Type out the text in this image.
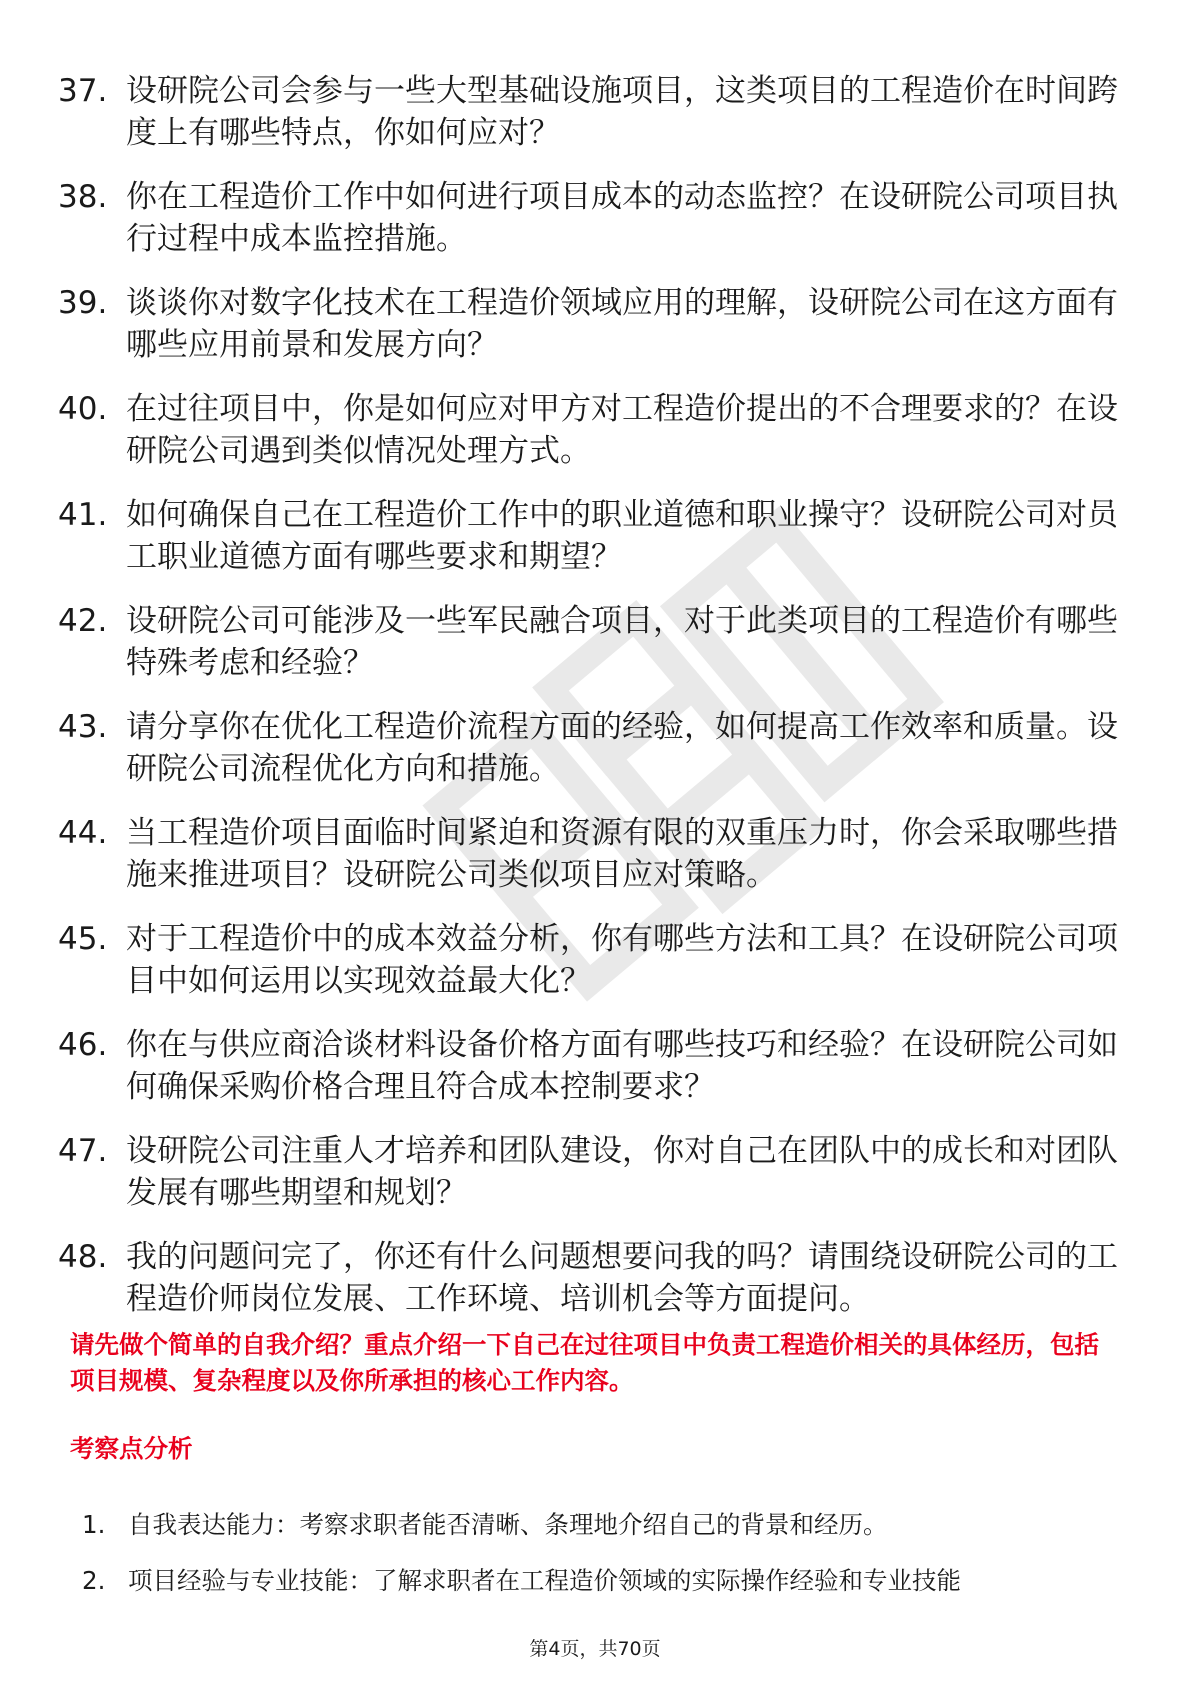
37. 设研院公司会参与一些大型基础设施项目，这类项目的工程造价在时间跨度上有哪些特点，你如何应对？
38. 你在工程造价工作中如何进行项目成本的动态监控？在设研院公司项目执行过程中成本监控措施。
39. 谈谈你对数字化技术在工程造价领域应用的理解，设研院公司在这方面有哪些应用前景和发展方向？
40. 在过往项目中，你是如何应对甲方对工程造价提出的不合理要求的？在设研院公司遇到类似情况处理方式。
41. 如何确保自己在工程造价工作中的职业道德和职业操守？设研院公司对员工职业道德方面有哪些要求和期望？
42. 设研院公司可能涉及一些军民融合项目，对于此类项目的工程造价有哪些特殊考虑和经验？
43. 请分享你在优化工程造价流程方面的经验，如何提高工作效率和质量。设研院公司流程优化方向和措施。
44. 当工程造价项目面临时间紧迫和资源有限的双重压力时，你会采取哪些措施来推进项目？设研院公司类似项目应对策略。
45. 对于工程造价中的成本效益分析，你有哪些方法和工具？在设研院公司项目中如何运用以实现效益最大化？
46. 你在与供应商洽谈材料设备价格方面有哪些技巧和经验？在设研院公司如何确保采购价格合理且符合成本控制要求？
47. 设研院公司注重人才培养和团队建设，你对自己在团队中的成长和对团队发展有哪些期望和规划？
48. 我的问题问完了，你还有什么问题想要问我的吗？请围绕设研院公司的工程造价师岗位发展、工作环境、培训机会等方面提问。
请先做个简单的自我介绍？重点介绍一下自己在过往项目中负责工程造价相关的具体经历，包括项目规模、复杂程度以及你所承担的核心工作内容。
考察点分析
1. 自我表达能力：考察求职者能否清晰、条理地介绍自己的背景和经历。
2. 项目经验与专业技能：了解求职者在工程造价领域的实际操作经验和专业技能
第4页，共70页
